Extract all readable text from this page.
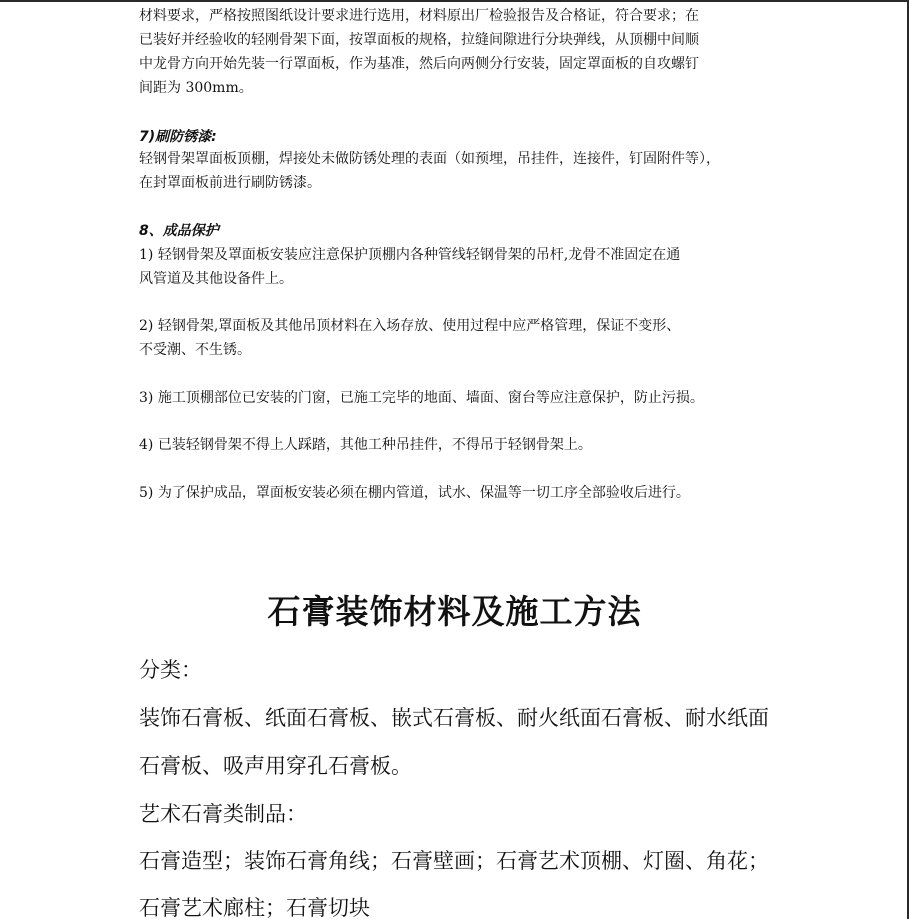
材料要求，严格按照图纸设计要求进行选用，材料原出厂检验报告及合格证，符合要求；在
已装好并经验收的轻刚骨架下面，按罩面板的规格，拉缝间隙进行分块弹线，从顶棚中间顺
中龙骨方向开始先装一行罩面板，作为基准，然后向两侧分行安装，固定罩面板的自攻螺钉
间距为 300mm。
7)刷防锈漆:
轻钢骨架罩面板顶棚，焊接处未做防锈处理的表面（如预埋，吊挂件，连接件，钉固附件等），
在封罩面板前进行刷防锈漆。
8、成品保护
1) 轻钢骨架及罩面板安装应注意保护顶棚内各种管线轻钢骨架的吊杆,龙骨不准固定在通
风管道及其他设备件上。
2) 轻钢骨架,罩面板及其他吊顶材料在入场存放、使用过程中应严格管理，保证不变形、
不受潮、不生锈。
3) 施工顶棚部位已安装的门窗，已施工完毕的地面、墙面、窗台等应注意保护，防止污损。
4) 已装轻钢骨架不得上人踩踏，其他工种吊挂件，不得吊于轻钢骨架上。
5) 为了保护成品，罩面板安装必须在棚内管道，试水、保温等一切工序全部验收后进行。
石膏装饰材料及施工方法
分类：
装饰石膏板、纸面石膏板、嵌式石膏板、耐火纸面石膏板、耐水纸面
石膏板、吸声用穿孔石膏板。
艺术石膏类制品：
石膏造型；装饰石膏角线；石膏壁画；石膏艺术顶棚、灯圈、角花；
石膏艺术廊柱；石膏切块
